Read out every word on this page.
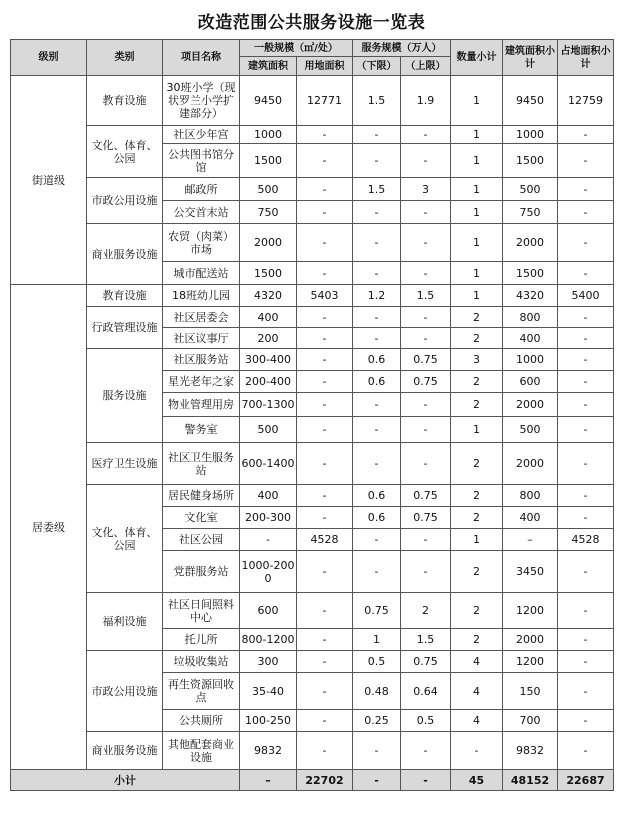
改造范围公共服务设施一览表
级别	类别	项目名称	一般规模（㎡/处）		服务规模（万人）		数量小计	建筑面积小计	占地面积小计
			建筑面积	用地面积	（下限）	（上限）			
街道级	教育设施	30班小学（现状罗兰小学扩建部分）	9450	12771	1.5	1.9	1	9450	12759
	文化、体育、公园	社区少年宫	1000	-	-	-	1	1000	-
		公共图书馆分馆	1500	-	-	-	1	1500	-
	市政公用设施	邮政所	500	-	1.5	3	1	500	-
		公交首末站	750	-	-	-	1	750	-
	商业服务设施	农贸（肉菜）市场	2000	-	-	-	1	2000	-
		城市配送站	1500	-	-	-	1	1500	-
居委级	教育设施	18班幼儿园	4320	5403	1.2	1.5	1	4320	5400
	行政管理设施	社区居委会	400	-	-	-	2	800	-
		社区议事厅	200	-	-	-	2	400	-
	服务设施	社区服务站	300-400	-	0.6	0.75	3	1000	-
		星光老年之家	200-400	-	0.6	0.75	2	600	-
		物业管理用房	700-1300	-	-	-	2	2000	-
		警务室	500	-	-	-	1	500	-
	医疗卫生设施	社区卫生服务站	600-1400	-	-	-	2	2000	-
	文化、体育、公园	居民健身场所	400	-	0.6	0.75	2	800	-
		文化室	200-300	-	0.6	0.75	2	400	-
		社区公园	-	4528	-	-	1	–	4528
		党群服务站	1000-2000	-	-	-	2	3450	-
	福利设施	社区日间照料中心	600	-	0.75	2	2	1200	-
		托儿所	800-1200	-	1	1.5	2	2000	-
	市政公用设施	垃圾收集站	300	-	0.5	0.75	4	1200	-
		再生资源回收点	35-40	-	0.48	0.64	4	150	-
		公共厕所	100-250	-	0.25	0.5	4	700	-
	商业服务设施	其他配套商业设施	9832	-	-	-	-	9832	-
小计			–	22702	-	-	45	48152	22687
